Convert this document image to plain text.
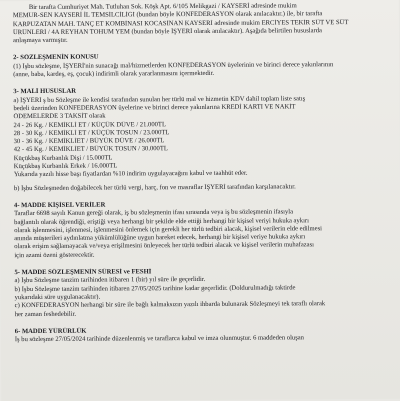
Bir tarafta Cumhuriyet Mah. Tutluhan Sok. Köşk Apt. 6/105 Melikgazi / KAYSERİ adresinde mukim
MEMUR-SEN KAYSERİ İL TEMSİLCİLİĞİ (bundan böyle KONFEDERASYON olarak anılacaktır.) ile, bir tarafta
KARPUZATAN MAH. TANÇ ET KOMBİNASI KOCASİNAN KAYSERİ adresinde mukim ERCİYES TEKİR SÜT VE SÜT
ÜRÜNLERİ / 4A REYHAN TOHUM YEM (bundan böyle İŞYERİ olarak anılacaktır). Aşağıda belirtilen hususlarda
anlaşmaya varmıştır.
2- SÖZLEŞMENİN KONUSU
(1) İşbu sözleşme, İŞYERİ'nin sunacağı mal/hizmetlerden KONFEDERASYON üyelerinin ve birinci derece yakınlarının
(anne, baba, kardeş, eş, çocuk) indirimli olarak yararlanmasını içermektedir.
3- MALİ HUSUSLAR
a) İŞYERİ ş bu Sözleşme ile kendisi tarafından sunulan her türlü mal ve hizmetin KDV dahil toplam liste satış
bedeli üzerinden KONFEDERASYON üyelerine ve birinci derece yakınlarına KREDİ KARTI VE NAKİT
ÖDEMELERDE 3 TAKSİT olarak
24 - 26 Kg. / KEMİKLİ ET / KÜÇÜK DÜVE / 21.000TL
28 - 30 Kg. / KEMİKLİ ET / KÜÇÜK TOSUN / 23.000TL
30 - 36 Kg. / KEMİKLİET / BÜYÜK DÜVE / 26.000TL
42 - 45 Kg. / KEMİKLİET / BÜYÜK TOSUN / 30.000TL
Küçükbaş Kurbanlık Dişi / 15.000TL
Küçükbaş Kurbanlık Erkek / 16.000TL
Yukarıda yazılı hisse başı fiyatlardan %10 indirim uygulayacağını kabul ve taahhüt eder.
b) İşbu Sözleşmeden doğabilecek her türlü vergi, harç, fon ve masraflar İŞYERİ tarafından karşılanacaktır.
4- MADDE KİŞİSEL VERİLER
Taraflar 6698 sayılı Kanun gereği olarak, iş bu sözleşmenin ifası sırasında veya iş bu sözleşmenin ifasıyla
bağlantılı olarak öğrendiği, eriştiği veya herhangi bir şekilde elde ettiği herhangi bir kişisel veriyi hukuka aykırı
olarak işlenmesini, işlenmesi, işlenmesini önlemek için gerekli her türlü tedbiri alacak, kişisel verilerin elde edilmesi
anında müşterileri aydınlatma yükümlülüğüne uygun hareket edecek, herhangi bir kişisel veriye hukuka aykırı
olarak erişim sağlamayacak ve/veya erişilmesini önleyecek her türlü tedbiri alacak ve kişisel verilerin muhafazası
için azami özeni gösterecektir.
5- MADDE SÖZLEŞMENİN SÜRESİ ve FESHİ
a) İşbu Sözleşme tanzim tarihinden itibaren 1 (bir) yıl süre ile geçerlidir.
b) İşbu Sözleşme tanzim tarihinden itibaren 27/05/2025 tarihine kadar geçerlidir. (Doldurulmadığı taktirde
yukarıdaki süre uygulanacaktır).
c) KONFEDERASYON herhangi bir süre ile bağlı kalmaksızın yazılı ihbarda bulunarak Sözleşmeyi tek taraflı olarak
her zaman feshedebilir.
6- MADDE YÜRÜRLÜK
İş bu sözleşme 27/05/2024 tarihinde düzenlenmiş ve taraflarca kabul ve imza olunmuştur. 6 maddeden oluşan
